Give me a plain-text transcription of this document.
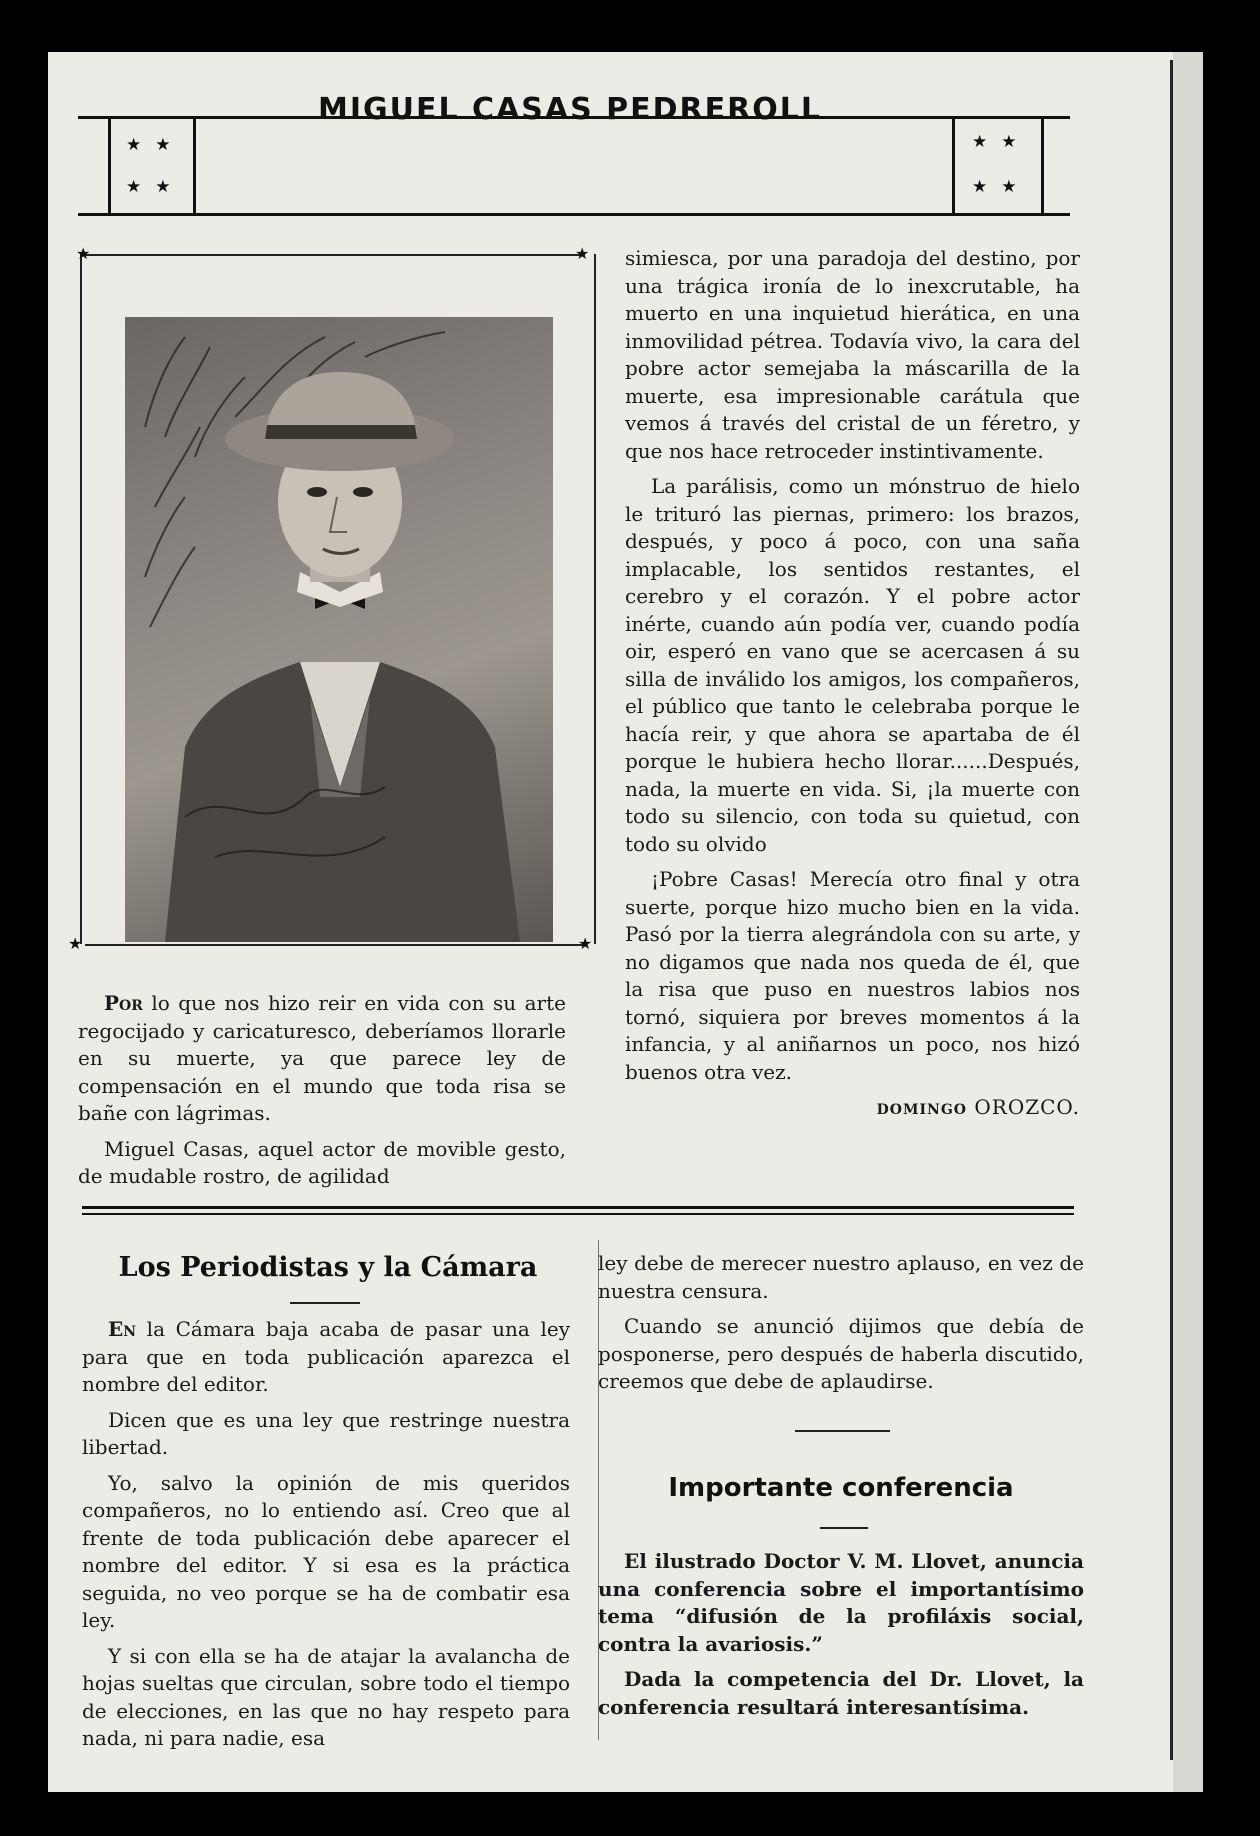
★★
★★
★★
★★
MIGUEL CASAS PEDREROLL
★	★
★	★

Por lo que nos hizo reir en vida con su arte regocijado y caricaturesco, deberíamos llorarle en su muerte, ya que parece ley de compensación en el mundo que toda risa se bañe con lágrimas.

Miguel Casas, aquel actor de movible gesto, de mudable rostro, de agilidad

simiesca, por una paradoja del destino, por una trágica ironía de lo inexcrutable, ha muerto en una inquietud hierática, en una inmovilidad pétrea. Todavía vivo, la cara del pobre actor semejaba la máscarilla de la muerte, esa impresionable carátula que vemos á través del cristal de un féretro, y que nos hace retroceder instintivamente.

La parálisis, como un mónstruo de hielo le trituró las piernas, primero: los brazos, después, y poco á poco, con una saña implacable, los sentidos restantes, el cerebro y el corazón. Y el pobre actor inérte, cuando aún podía ver, cuando podía oir, esperó en vano que se acercasen á su silla de inválido los amigos, los compañeros, el público que tanto le celebraba porque le hacía reir, y que ahora se apartaba de él porque le hubiera hecho llorar......Después, nada, la muerte en vida. Si, ¡la muerte con todo su silencio, con toda su quietud, con todo su olvido

¡Pobre Casas! Merecía otro final y otra suerte, porque hizo mucho bien en la vida. Pasó por la tierra alegrándola con su arte, y no digamos que nada nos queda de él, que la risa que puso en nuestros labios nos tornó, siquiera por breves momentos á la infancia, y al aniñarnos un poco, nos hizó buenos otra vez.

DOMINGO OROZCO.
Los Periodistas y la Cámara

En la Cámara baja acaba de pasar una ley para que en toda publicación aparezca el nombre del editor.

Dicen que es una ley que restringe nuestra libertad.

Yo, salvo la opinión de mis queridos compañeros, no lo entiendo así. Creo que al frente de toda publicación debe aparecer el nombre del editor. Y si esa es la práctica seguida, no veo porque se ha de combatir esa ley.

Y si con ella se ha de atajar la avalancha de hojas sueltas que circulan, sobre todo el tiempo de elecciones, en las que no hay respeto para nada, ni para nadie, esa

ley debe de merecer nuestro aplauso, en vez de nuestra censura.

Cuando se anunció dijimos que debía de posponerse, pero después de haberla discutido, creemos que debe de aplaudirse.

Importante conferencia

El ilustrado Doctor V. M. Llovet, anuncia una conferencia sobre el importantísimo tema “difusión de la profiláxis social, contra la avariosis.”

Dada la competencia del Dr. Llovet, la conferencia resultará interesantísima.
